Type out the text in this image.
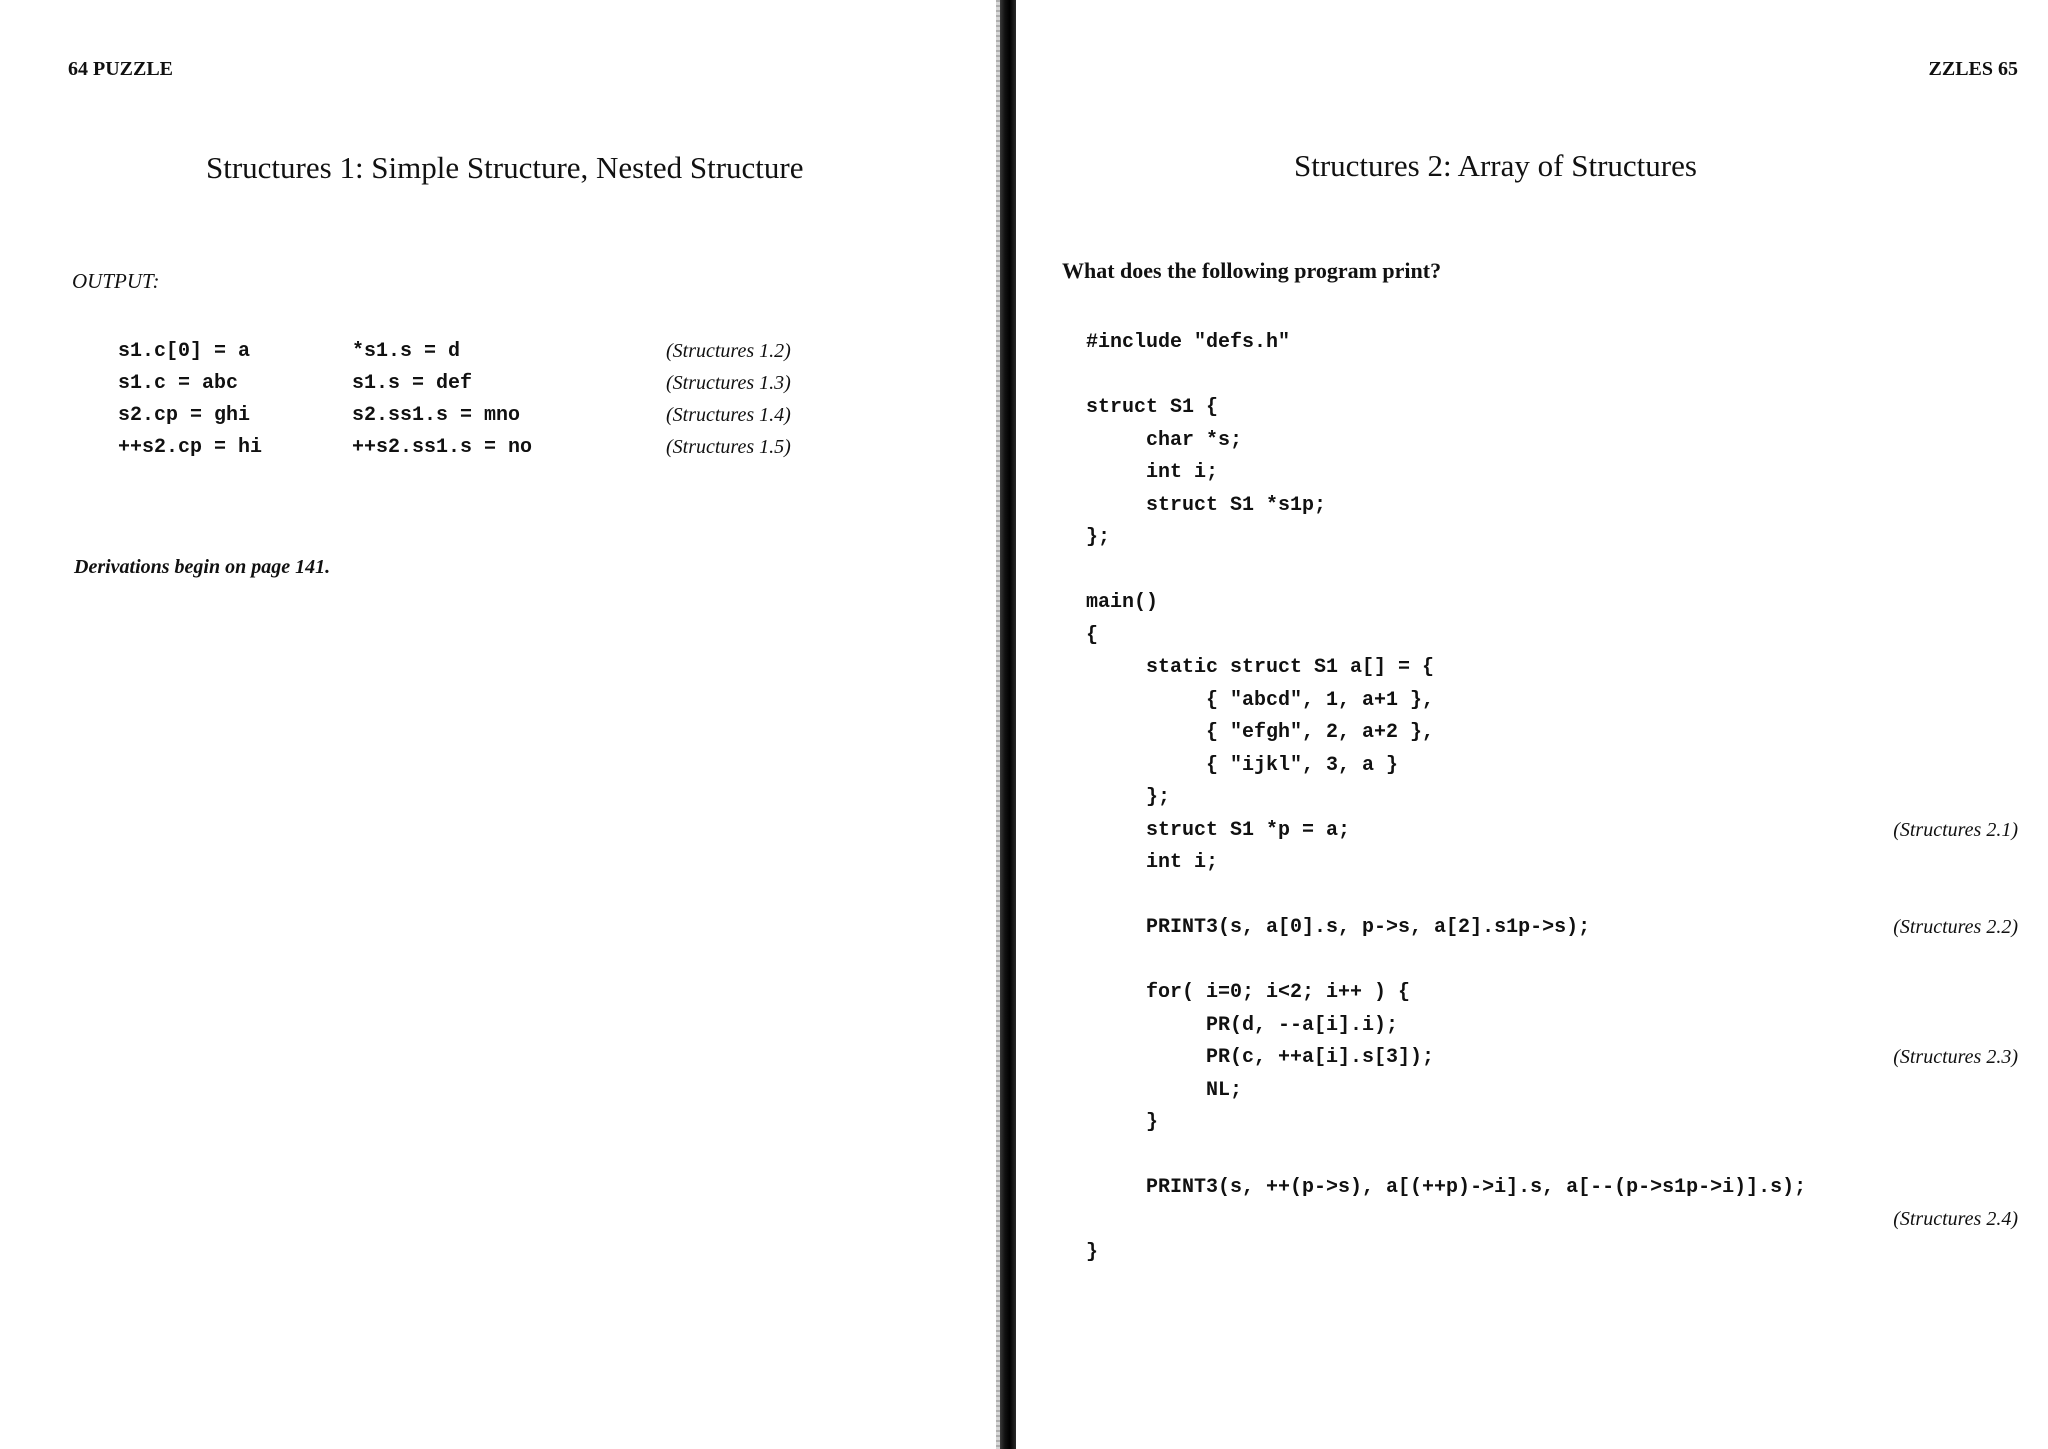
64 PUZZLE
Structures 1: Simple Structure, Nested Structure
OUTPUT:
s1.c[0] = a	*s1.s = d	(Structures 1.2)
s1.c = abc	s1.s = def	(Structures 1.3)
s2.cp = ghi	s2.ss1.s = mno	(Structures 1.4)
++s2.cp = hi	++s2.ss1.s = no	(Structures 1.5)
Derivations begin on page 141.
ZZLES 65
Structures 2: Array of Structures
What does the following program print?
#include "defs.h"
struct S1 {
char *s;
int i;
struct S1 *s1p;
};
main()
{
static struct S1 a[] = {
{ "abcd", 1, a+1 },
{ "efgh", 2, a+2 },
{ "ijkl", 3, a }
};
struct S1 *p = a;	(Structures 2.1)
int i;
PRINT3(s, a[0].s, p->s, a[2].s1p->s);	(Structures 2.2)
for( i=0; i<2; i++ ) {
PR(d, --a[i].i);
PR(c, ++a[i].s[3]);	(Structures 2.3)
NL;
}
PRINT3(s, ++(p->s), a[(++p)->i].s, a[--(p->s1p->i)].s);
(Structures 2.4)
}
